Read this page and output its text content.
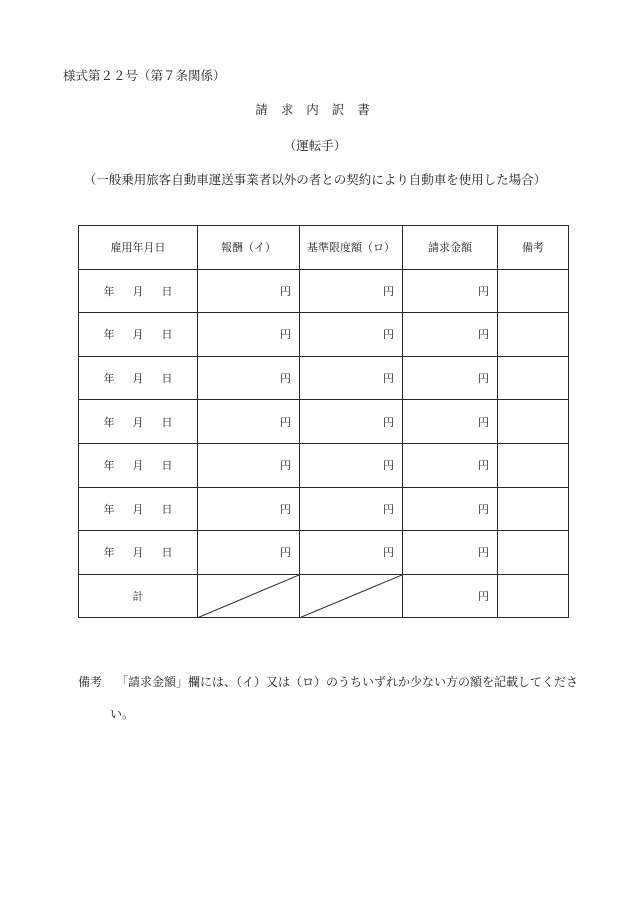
様式第２２号（第７条関係）
請求内訳書
（運転手）
（一般乗用旅客自動車運送事業者以外の者との契約により自動車を使用した場合）
雇用年月日	報酬（イ）	基準限度額（ロ）	請求金額	備考
年 月 日	円	円	円	
年 月 日	円	円	円	
年 月 日	円	円	円	
年 月 日	円	円	円	
年 月 日	円	円	円	
年 月 日	円	円	円	
年 月 日	円	円	円	
計			円	
備考 「請求金額」欄には、（イ）又は（ロ）のうちいずれか少ない方の額を記載してくださ
い。
